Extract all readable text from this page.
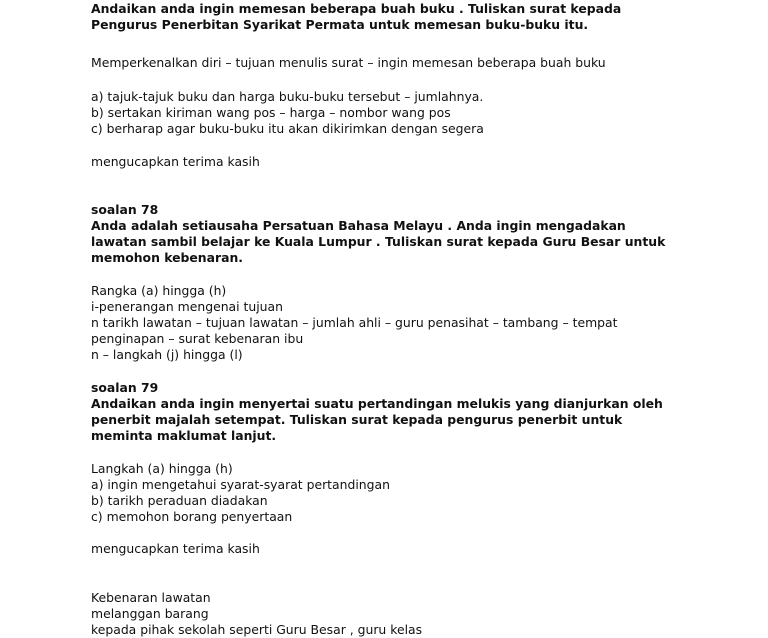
Andaikan anda ingin memesan beberapa buah buku . Tuliskan surat kepada

Pengurus Penerbitan Syarikat Permata untuk memesan buku-buku itu.

Memperkenalkan diri – tujuan menulis surat – ingin memesan beberapa buah buku

a) tajuk-tajuk buku dan harga buku-buku tersebut – jumlahnya.

b) sertakan kiriman wang pos – harga – nombor wang pos

c) berharap agar buku-buku itu akan dikirimkan dengan segera

mengucapkan terima kasih

soalan 78

Anda adalah setiausaha Persatuan Bahasa Melayu . Anda ingin mengadakan

lawatan sambil belajar ke Kuala Lumpur . Tuliskan surat kepada Guru Besar untuk

memohon kebenaran.

Rangka (a) hingga (h)

i-penerangan mengenai tujuan

n tarikh lawatan – tujuan lawatan – jumlah ahli – guru penasihat – tambang – tempat

penginapan – surat kebenaran ibu

n – langkah (j) hingga (l)

soalan 79

Andaikan anda ingin menyertai suatu pertandingan melukis yang dianjurkan oleh

penerbit majalah setempat. Tuliskan surat kepada pengurus penerbit untuk

meminta maklumat lanjut.

Langkah (a) hingga (h)

a) ingin mengetahui syarat-syarat pertandingan

b) tarikh peraduan diadakan

c) memohon borang penyertaan

mengucapkan terima kasih

Kebenaran lawatan

melanggan barang

kepada pihak sekolah seperti Guru Besar , guru kelas
